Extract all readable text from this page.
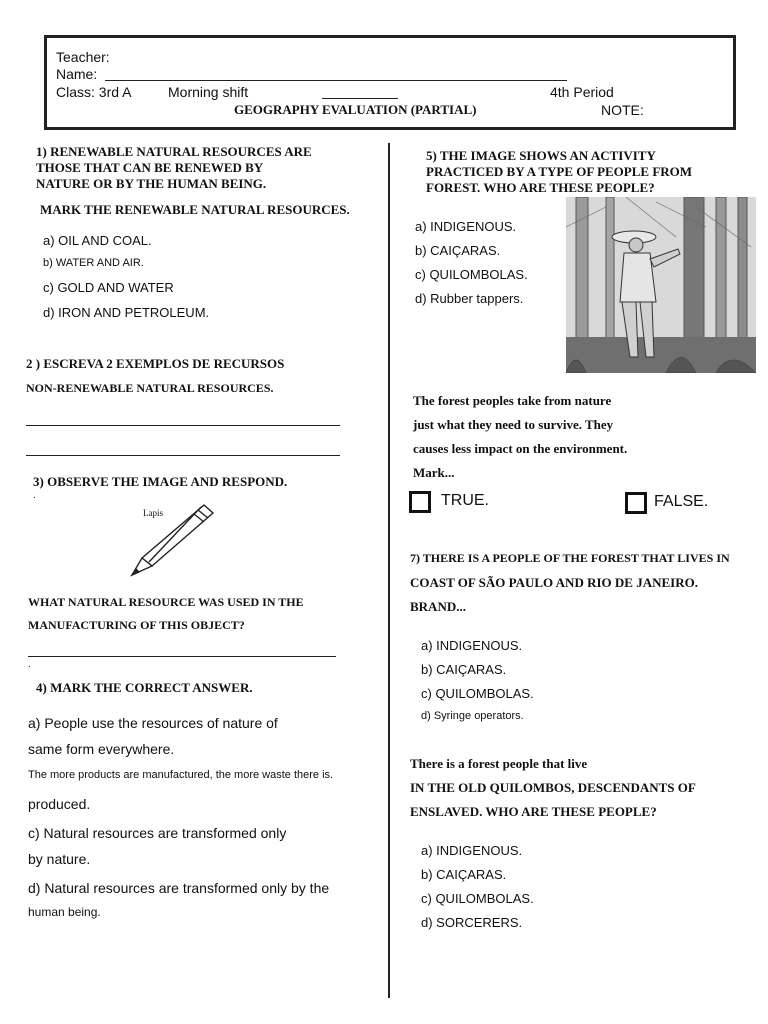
Teacher:
Name:
Class: 3rd A	Morning shift	4th Period
GEOGRAPHY EVALUATION (PARTIAL)	NOTE:
1) RENEWABLE NATURAL RESOURCES ARE
THOSE THAT CAN BE RENEWED BY
NATURE OR BY THE HUMAN BEING.
MARK THE RENEWABLE NATURAL RESOURCES.
a) OIL AND COAL.
b) WATER AND AIR.
c) GOLD AND WATER
d) IRON AND PETROLEUM.
2 ) ESCREVA 2 EXEMPLOS DE RECURSOS
NON-RENEWABLE NATURAL RESOURCES.
3) OBSERVE THE IMAGE AND RESPOND.
.
Lapis
WHAT NATURAL RESOURCE WAS USED IN THE
MANUFACTURING OF THIS OBJECT?
.
4) MARK THE CORRECT ANSWER.
a) People use the resources of nature of
same form everywhere.
The more products are manufactured, the more waste there is.
produced.
c) Natural resources are transformed only
by nature.
d) Natural resources are transformed only by the
human being.
5) THE IMAGE SHOWS AN ACTIVITY
PRACTICED BY A TYPE OF PEOPLE FROM
FOREST. WHO ARE THESE PEOPLE?
a) INDIGENOUS.
b) CAIÇARAS.
c) QUILOMBOLAS.
d) Rubber tappers.
The forest peoples take from nature
just what they need to survive. They
causes less impact on the environment.
Mark...
TRUE.	FALSE.
7) THERE IS A PEOPLE OF THE FOREST THAT LIVES IN
COAST OF SÃO PAULO AND RIO DE JANEIRO.
BRAND...
a) INDIGENOUS.
b) CAIÇARAS.
c) QUILOMBOLAS.
d) Syringe operators.
There is a forest people that live
IN THE OLD QUILOMBOS, DESCENDANTS OF
ENSLAVED. WHO ARE THESE PEOPLE?
a) INDIGENOUS.
b) CAIÇARAS.
c) QUILOMBOLAS.
d) SORCERERS.
